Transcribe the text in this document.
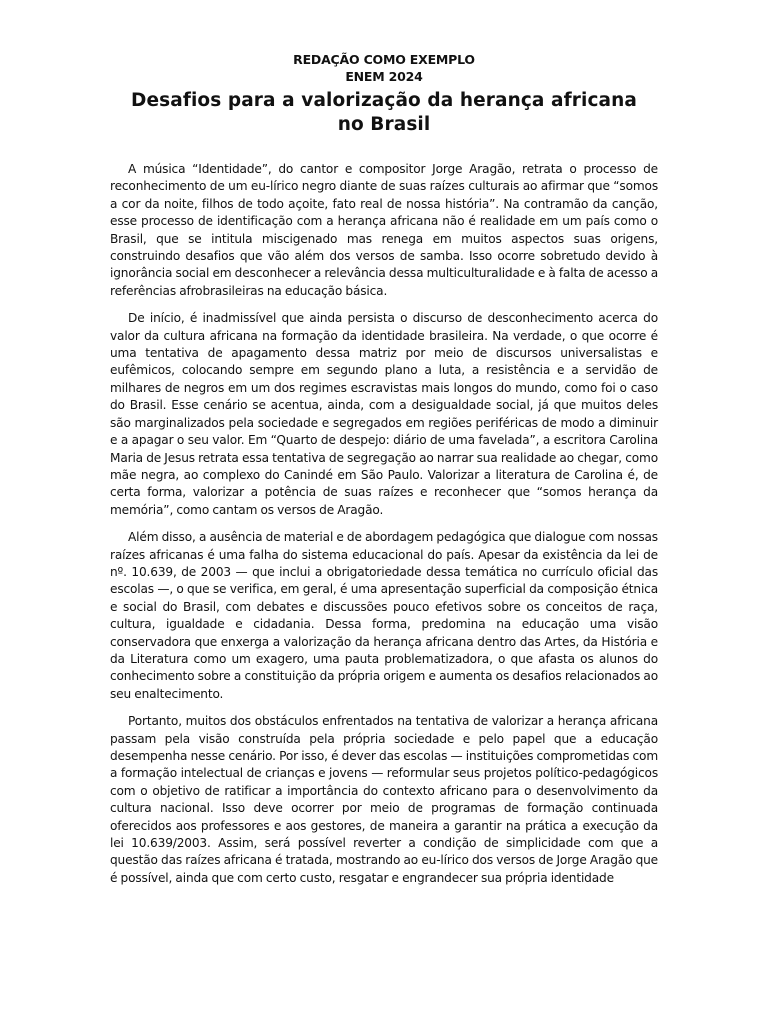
REDAÇÃO COMO EXEMPLO
ENEM 2024
Desafios para a valorização da herança africana
no Brasil

A música “Identidade”, do cantor e compositor Jorge Aragão, retrata o processo de reconhecimento de um eu-lírico negro diante de suas raízes culturais ao afirmar que “somos a cor da noite, filhos de todo açoite, fato real de nossa história”. Na contramão da canção, esse processo de identificação com a herança africana não é realidade em um país como o Brasil, que se intitula miscigenado mas renega em muitos aspectos suas origens, construindo desafios que vão além dos versos de samba. Isso ocorre sobretudo devido à ignorância social em desconhecer a relevância dessa multiculturalidade e à falta de acesso a referências afrobrasileiras na educação básica.

De início, é inadmissível que ainda persista o discurso de desconhecimento acerca do valor da cultura africana na formação da identidade brasileira. Na verdade, o que ocorre é uma tentativa de apagamento dessa matriz por meio de discursos universalistas e eufêmicos, colocando sempre em segundo plano a luta, a resistência e a servidão de milhares de negros em um dos regimes escravistas mais longos do mundo, como foi o caso do Brasil. Esse cenário se acentua, ainda, com a desigualdade social, já que muitos deles são marginalizados pela sociedade e segregados em regiões periféricas de modo a diminuir e a apagar o seu valor. Em “Quarto de despejo: diário de uma favelada”, a escritora Carolina Maria de Jesus retrata essa tentativa de segregação ao narrar sua realidade ao chegar, como mãe negra, ao complexo do Canindé em São Paulo. Valorizar a literatura de Carolina é, de certa forma, valorizar a potência de suas raízes e reconhecer que “somos herança da memória”, como cantam os versos de Aragão.

Além disso, a ausência de material e de abordagem pedagógica que dialogue com nossas raízes africanas é uma falha do sistema educacional do país. Apesar da existência da lei de nº. 10.639, de 2003 — que inclui a obrigatoriedade dessa temática no currículo oficial das escolas —, o que se verifica, em geral, é uma apresentação superficial da composição étnica e social do Brasil, com debates e discussões pouco efetivos sobre os conceitos de raça, cultura, igualdade e cidadania. Dessa forma, predomina na educação uma visão conservadora que enxerga a valorização da herança africana dentro das Artes, da História e da Literatura como um exagero, uma pauta problematizadora, o que afasta os alunos do conhecimento sobre a constituição da própria origem e aumenta os desafios relacionados ao seu enaltecimento.

Portanto, muitos dos obstáculos enfrentados na tentativa de valorizar a herança africana passam pela visão construída pela própria sociedade e pelo papel que a educação desempenha nesse cenário. Por isso, é dever das escolas — instituições comprometidas com a formação intelectual de crianças e jovens — reformular seus projetos político-pedagógicos com o objetivo de ratificar a importância do contexto africano para o desenvolvimento da cultura nacional. Isso deve ocorrer por meio de programas de formação continuada oferecidos aos professores e aos gestores, de maneira a garantir na prática a execução da lei 10.639/2003. Assim, será possível reverter a condição de simplicidade com que a questão das raízes africana é tratada, mostrando ao eu-lírico dos versos de Jorge Aragão que é possível, ainda que com certo custo, resgatar e engrandecer sua própria identidade
